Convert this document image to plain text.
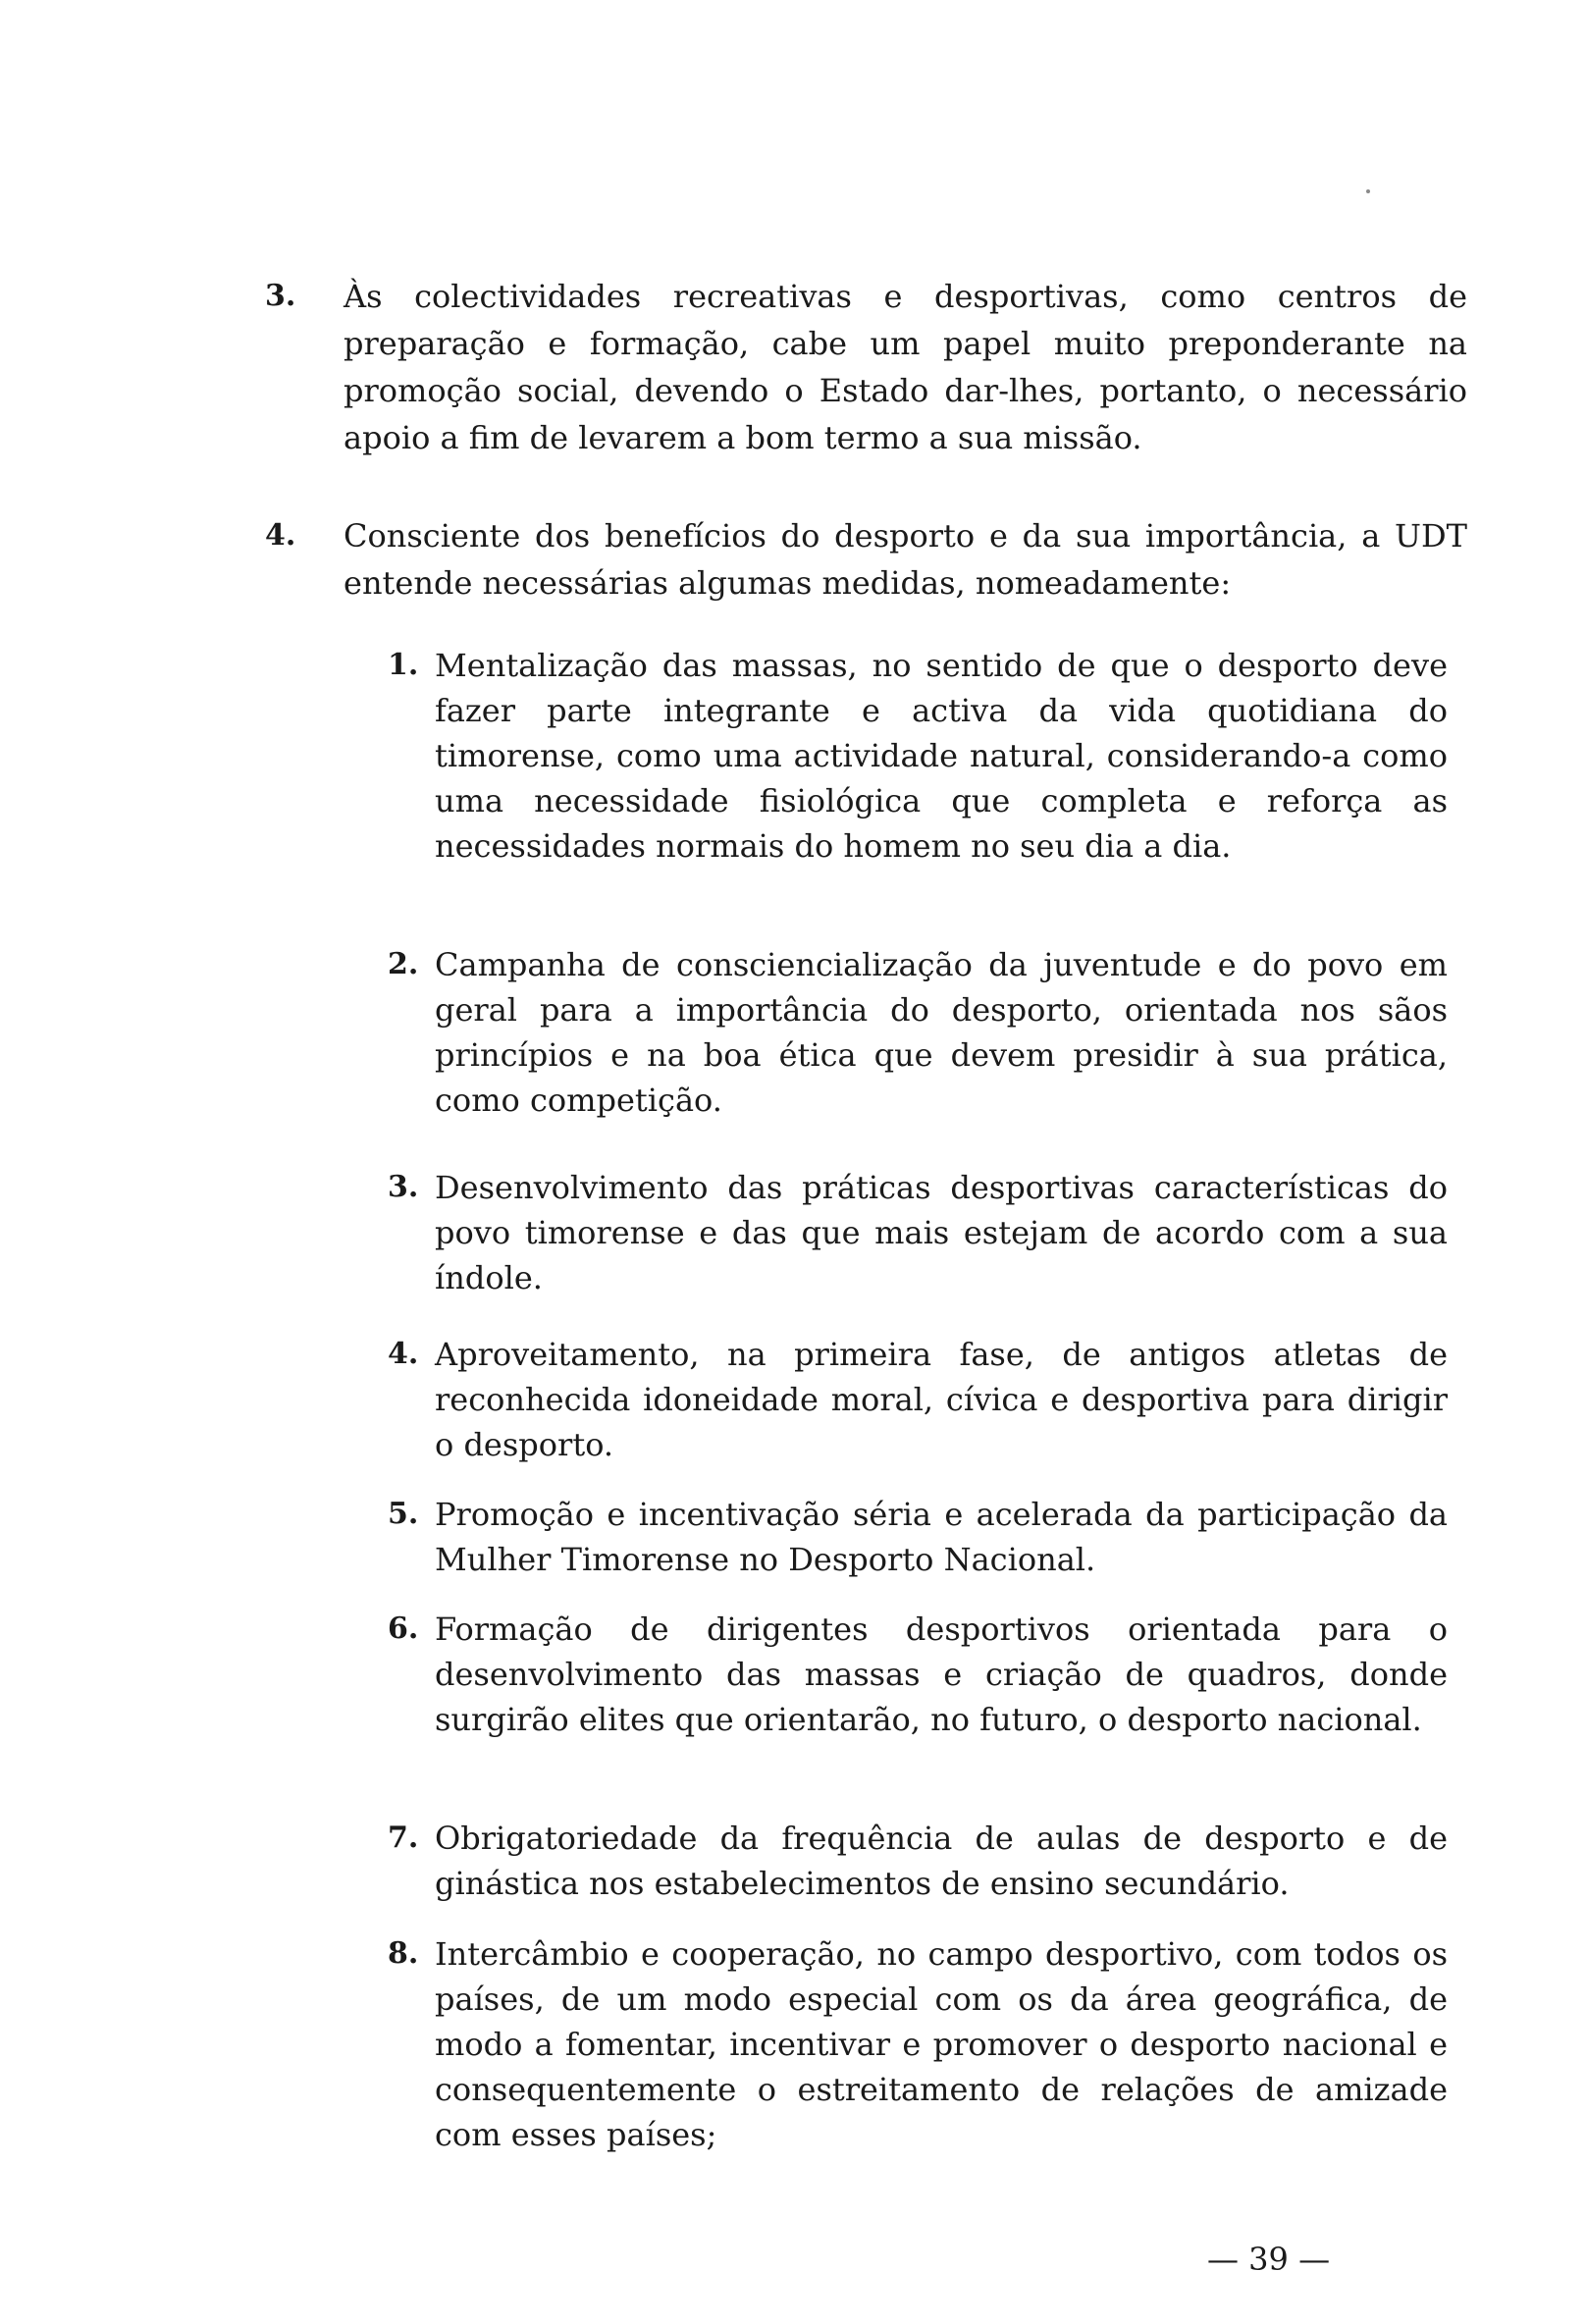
3. Às colectividades recreativas e desportivas, como centros de preparação e formação, cabe um papel muito preponderante na promoção social, devendo o Estado dar-lhes, portanto, o necessário apoio a fim de levarem a bom termo a sua missão.
4. Consciente dos benefícios do desporto e da sua importância, a UDT entende necessárias algumas medidas, nomeadamente:
1. Mentalização das massas, no sentido de que o desporto deve fazer parte integrante e activa da vida quotidiana do timorense, como uma actividade natural, considerando-a como uma necessidade fisiológica que completa e reforça as necessidades normais do homem no seu dia a dia.
2. Campanha de consciencialização da juventude e do povo em geral para a importância do desporto, orientada nos sãos princípios e na boa ética que devem presidir à sua prática, como competição.
3. Desenvolvimento das práticas desportivas características do povo timorense e das que mais estejam de acordo com a sua índole.
4. Aproveitamento, na primeira fase, de antigos atletas de reconhecida idoneidade moral, cívica e desportiva para dirigir o desporto.
5. Promoção e incentivação séria e acelerada da participação da Mulher Timorense no Desporto Nacional.
6. Formação de dirigentes desportivos orientada para o desenvolvimento das massas e criação de quadros, donde surgirão elites que orientarão, no futuro, o desporto nacional.
7. Obrigatoriedade da frequência de aulas de desporto e de ginástica nos estabelecimentos de ensino secundário.
8. Intercâmbio e cooperação, no campo desportivo, com todos os países, de um modo especial com os da área geográfica, de modo a fomentar, incentivar e promover o desporto nacional e consequentemente o estreitamento de relações de amizade com esses países;
— 39 —
